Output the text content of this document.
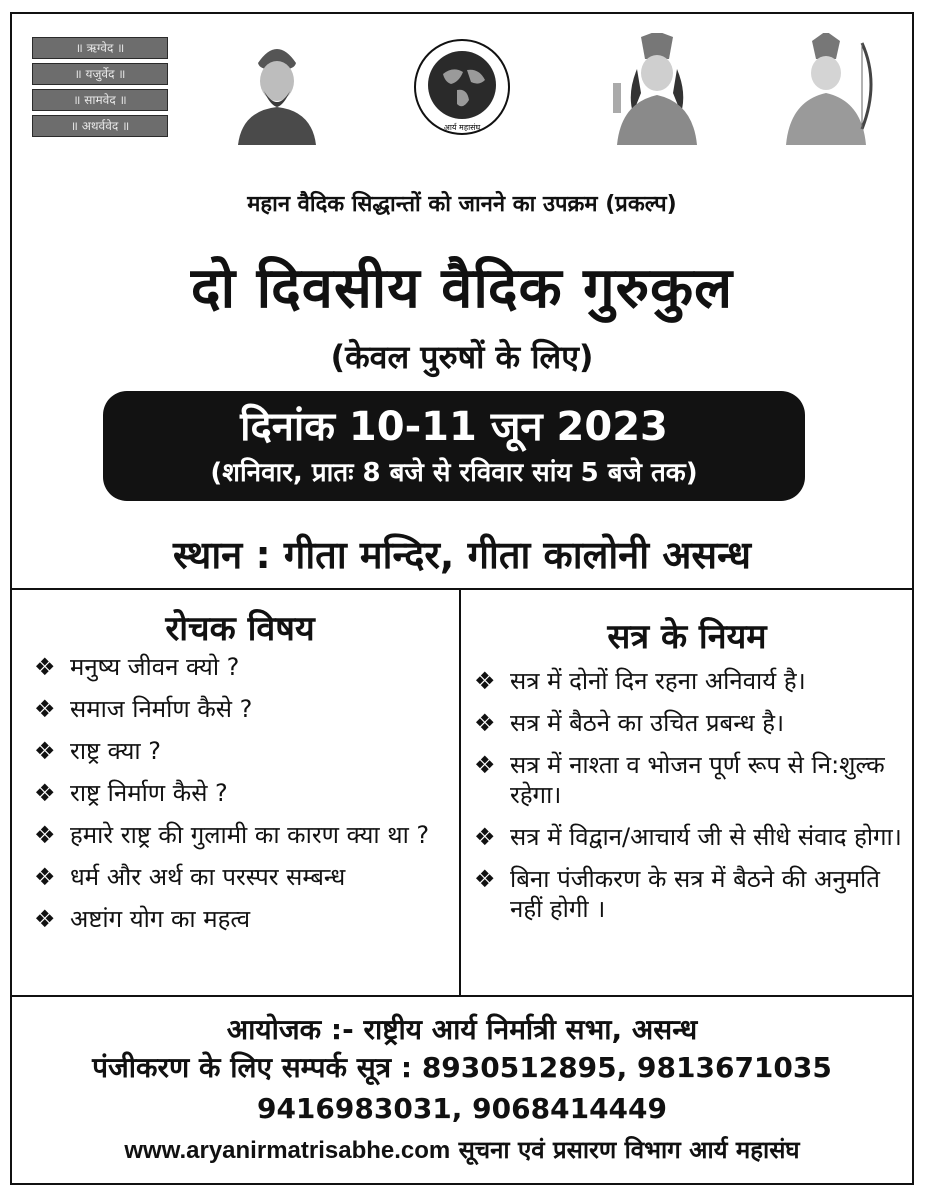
॥ ऋग्वेद ॥
॥ यजुर्वेद ॥
॥ सामवेद ॥
॥ अथर्ववेद ॥	आर्य महासंघ
महान वैदिक सिद्धान्तों को जानने का उपक्रम (प्रकल्प)
दो दिवसीय वैदिक गुरुकुल
(केवल पुरुषों के लिए)
दिनांक 10-11 जून 2023
(शनिवार, प्रातः 8 बजे से रविवार सांय 5 बजे तक)
स्थान : गीता मन्दिर, गीता कालोनी असन्ध
रोचक विषय
❖ मनुष्य जीवन क्यो ?
❖ समाज निर्माण कैसे ?
❖ राष्ट्र क्या ?
❖ राष्ट्र निर्माण कैसे ?
❖ हमारे राष्ट्र की गुलामी का कारण क्या था ?
❖ धर्म और अर्थ का परस्पर सम्बन्ध
❖ अष्टांग योग का महत्व
सत्र के नियम
❖ सत्र में दोनों दिन रहना अनिवार्य है।
❖ सत्र में बैठने का उचित प्रबन्ध है।
❖ सत्र में नाश्ता व भोजन पूर्ण रूप से नि:शुल्क रहेगा।
❖ सत्र में विद्वान/आचार्य जी से सीधे संवाद होगा।
❖ बिना पंजीकरण के सत्र में बैठने की अनुमति नहीं होगी ।
आयोजक :- राष्ट्रीय आर्य निर्मात्री सभा, असन्ध
पंजीकरण के लिए सम्पर्क सूत्र : 8930512895, 9813671035
9416983031, 9068414449
www.aryanirmatrisabhe.com सूचना एवं प्रसारण विभाग आर्य महासंघ
